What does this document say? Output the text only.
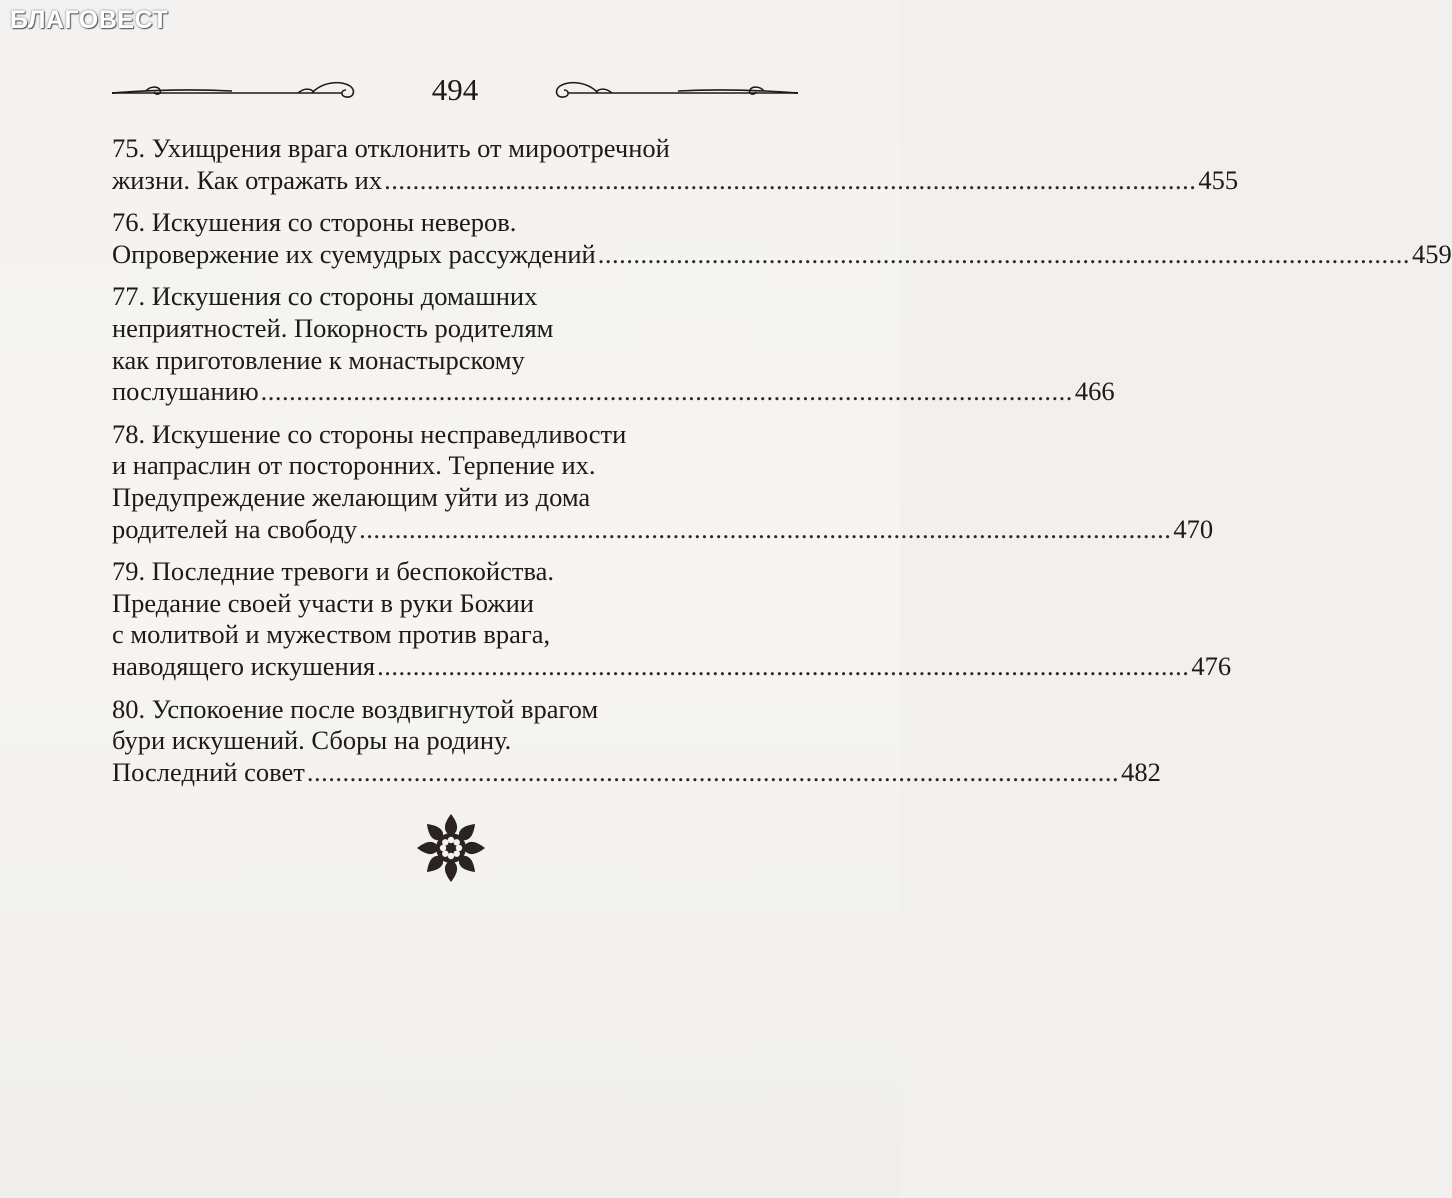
БЛАГОВЕСТ

494
75. Ухищрения врага отклонить от мироотречной
жизни. Как отражать их .................................................................................................................. 455
76. Искушения со стороны неверов.
Опровержение их суемудрых рассуждений .................................................................................................................. 459
77. Искушения со стороны домашних
неприятностей. Покорность родителям
как приготовление к монастырскому
послушанию .................................................................................................................. 466
78. Искушение со стороны несправедливости
и напраслин от посторонних. Терпение их.
Предупреждение желающим уйти из дома
родителей на свободу .................................................................................................................. 470
79. Последние тревоги и беспокойства.
Предание своей участи в руки Божии
с молитвой и мужеством против врага,
наводящего искушения .................................................................................................................. 476
80. Успокоение после воздвигнутой врагом
бури искушений. Сборы на родину.
Последний совет .................................................................................................................. 482
